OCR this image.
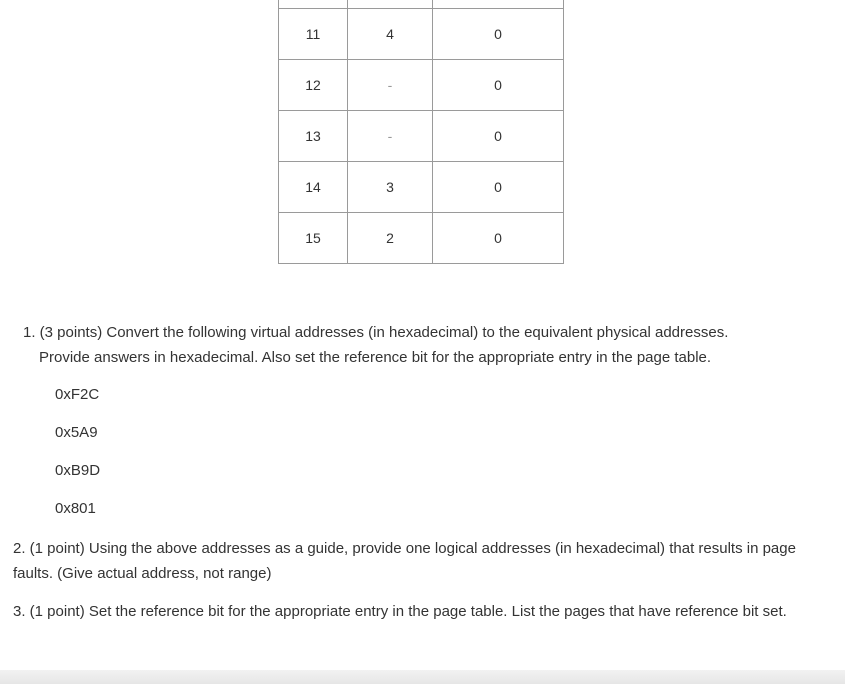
11	4	0
12	-	0
13	-	0
14	3	0
15	2	0

1. (3 points) Convert the following virtual addresses (in hexadecimal) to the equivalent physical addresses.
Provide answers in hexadecimal. Also set the reference bit for the appropriate entry in the page table.

0xF2C
0x5A9
0xB9D
0x801

2. (1 point) Using the above addresses as a guide, provide one logical addresses (in hexadecimal) that results in page faults. (Give actual address, not range)

3. (1 point) Set the reference bit for the appropriate entry in the page table. List the pages that have reference bit set.
